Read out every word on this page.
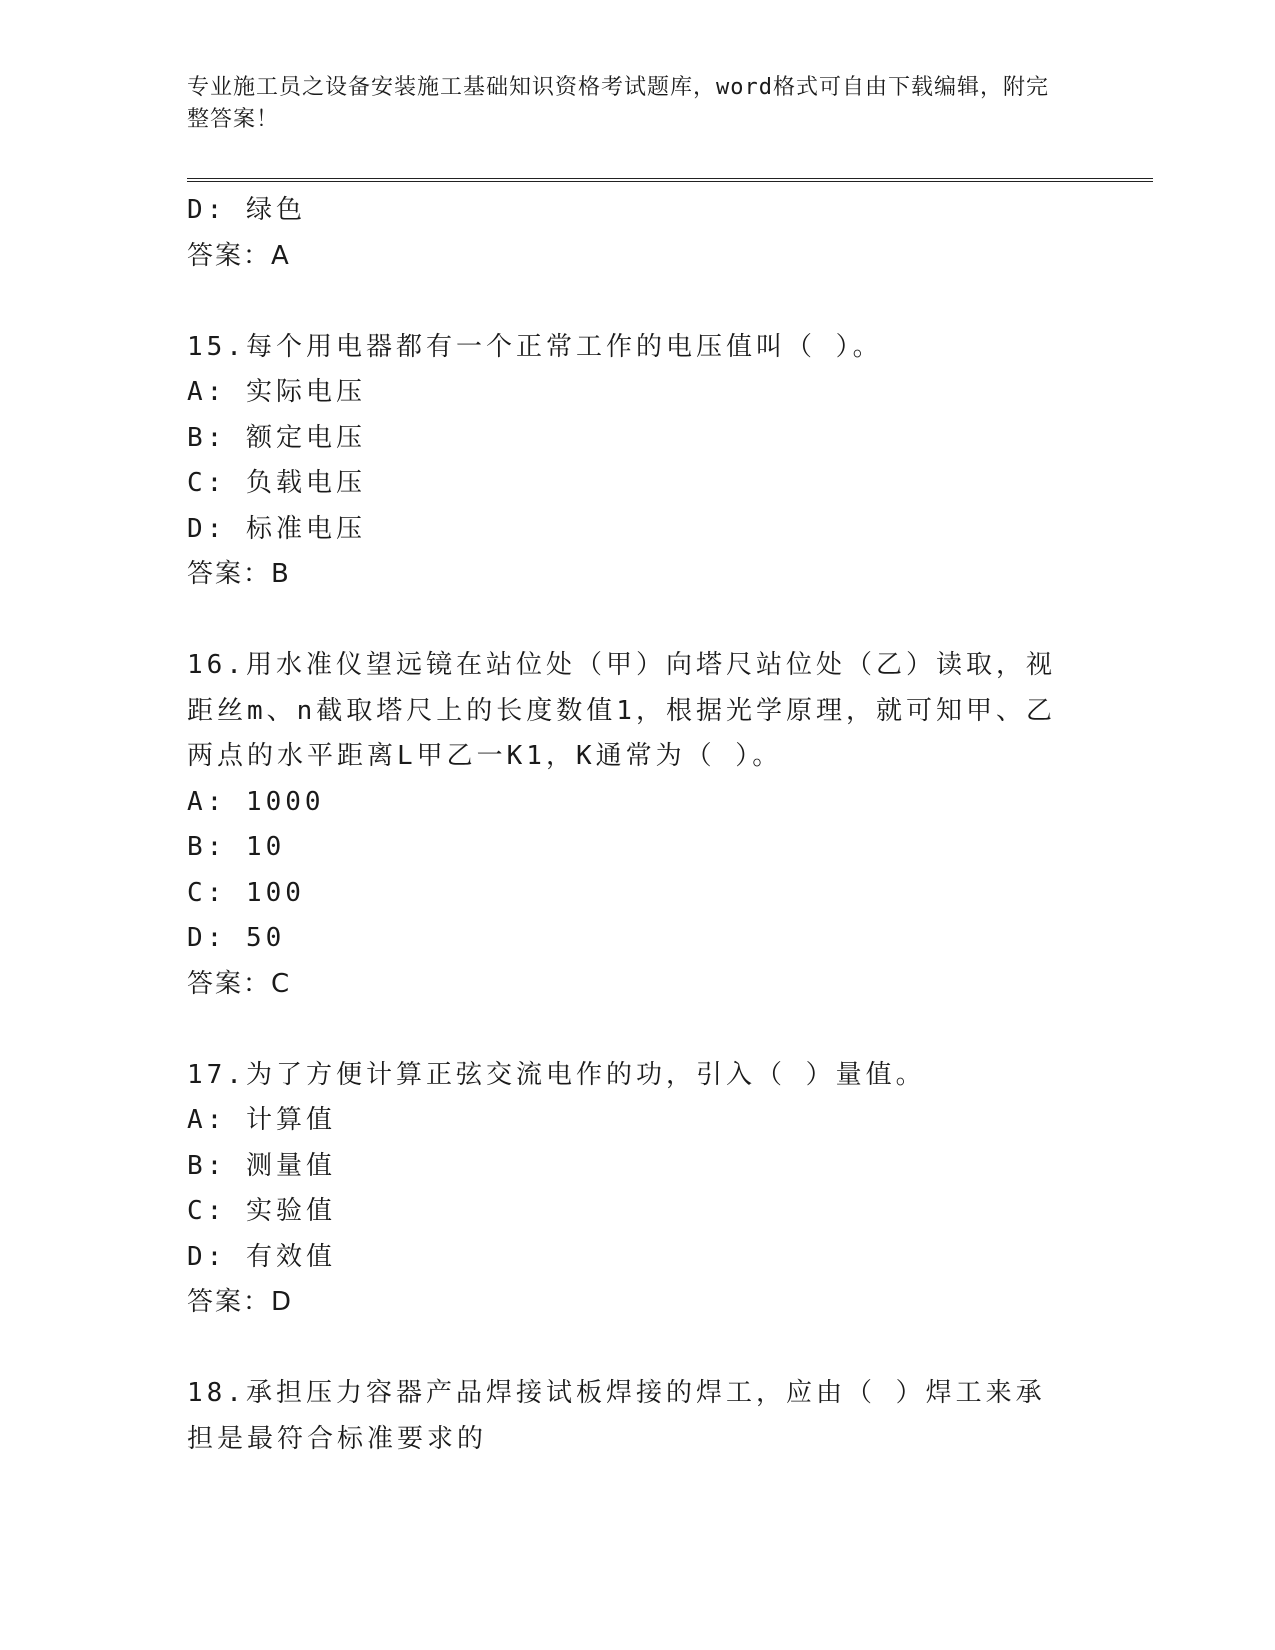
专业施工员之设备安装施工基础知识资格考试题库，word格式可自由下载编辑，附完整答案！
D: 绿色
答案：A
15.每个用电器都有一个正常工作的电压值叫（ ）。
A: 实际电压
B: 额定电压
C: 负载电压
D: 标准电压
答案：B
16.用水准仪望远镜在站位处（甲）向塔尺站位处（乙）读取，视距丝m、n截取塔尺上的长度数值1，根据光学原理，就可知甲、乙两点的水平距离L甲乙一K1，K通常为（ ）。
A: 1000
B: 10
C: 100
D: 50
答案：C
17.为了方便计算正弦交流电作的功，引入（ ）量值。
A: 计算值
B: 测量值
C: 实验值
D: 有效值
答案：D
18.承担压力容器产品焊接试板焊接的焊工，应由（ ）焊工来承担是最符合标准要求的
